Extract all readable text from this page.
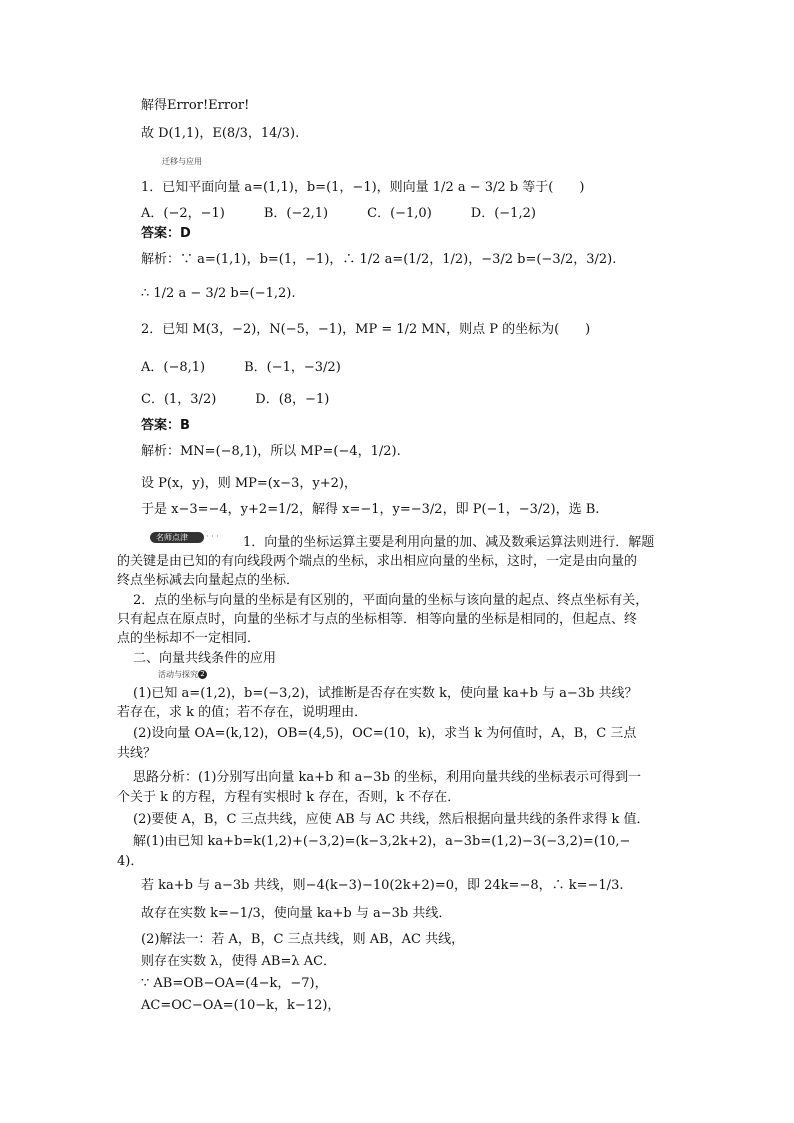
解得Error!Error!
故 D(1,1)，E(8/3，14/3).
迁移与应用
1．已知平面向量 a=(1,1)，b=(1，−1)，则向量 1/2 a − 3/2 b 等于(　　)
A．(−2，−1)　　　B．(−2,1)　　　C．(−1,0)　　　D．(−1,2)
答案：D
解析：∵ a=(1,1)，b=(1，−1)，∴ 1/2 a=(1/2，1/2)，−3/2 b=(−3/2，3/2).
∴ 1/2 a − 3/2 b=(−1,2).
2．已知 M(3，−2)，N(−5，−1)，MP = 1/2 MN，则点 P 的坐标为(　　)
A．(−8,1)　　　B．(−1，−3/2)
C．(1，3/2)　　　D．(8，−1)
答案：B
解析：MN=(−8,1)，所以 MP=(−4，1/2).
设 P(x，y)，则 MP=(x−3，y+2)，
于是 x−3=−4，y+2=1/2，解得 x=−1，y=−3/2，即 P(−1，−3/2)，选 B.
名师点津	· · · 1．向量的坐标运算主要是利用向量的加、减及数乘运算法则进行．解题
的关键是由已知的有向线段两个端点的坐标，求出相应向量的坐标，这时，一定是由向量的
终点坐标减去向量起点的坐标．
2．点的坐标与向量的坐标是有区别的，平面向量的坐标与该向量的起点、终点坐标有关，
只有起点在原点时，向量的坐标才与点的坐标相等．相等向量的坐标是相同的，但起点、终
点的坐标却不一定相同．
二、向量共线条件的应用
活动与探究 2
(1)已知 a=(1,2)，b=(−3,2)，试推断是否存在实数 k，使向量 ka+b 与 a−3b 共线？
若存在，求 k 的值；若不存在，说明理由．
(2)设向量 OA=(k,12)，OB=(4,5)，OC=(10，k)，求当 k 为何值时，A，B，C 三点
共线？
思路分析：(1)分别写出向量 ka+b 和 a−3b 的坐标，利用向量共线的坐标表示可得到一
个关于 k 的方程，方程有实根时 k 存在，否则，k 不存在．
(2)要使 A，B，C 三点共线，应使 AB 与 AC 共线，然后根据向量共线的条件求得 k 值．
解(1)由已知 ka+b=k(1,2)+(−3,2)=(k−3,2k+2)，a−3b=(1,2)−3(−3,2)=(10,−
4)．
若 ka+b 与 a−3b 共线，则−4(k−3)−10(2k+2)=0，即 24k=−8，∴ k=−1/3.
故存在实数 k=−1/3，使向量 ka+b 与 a−3b 共线．
(2)解法一：若 A，B，C 三点共线，则 AB，AC 共线，
则存在实数 λ，使得 AB=λ AC．
∵ AB=OB−OA=(4−k，−7)，
AC=OC−OA=(10−k，k−12)，
